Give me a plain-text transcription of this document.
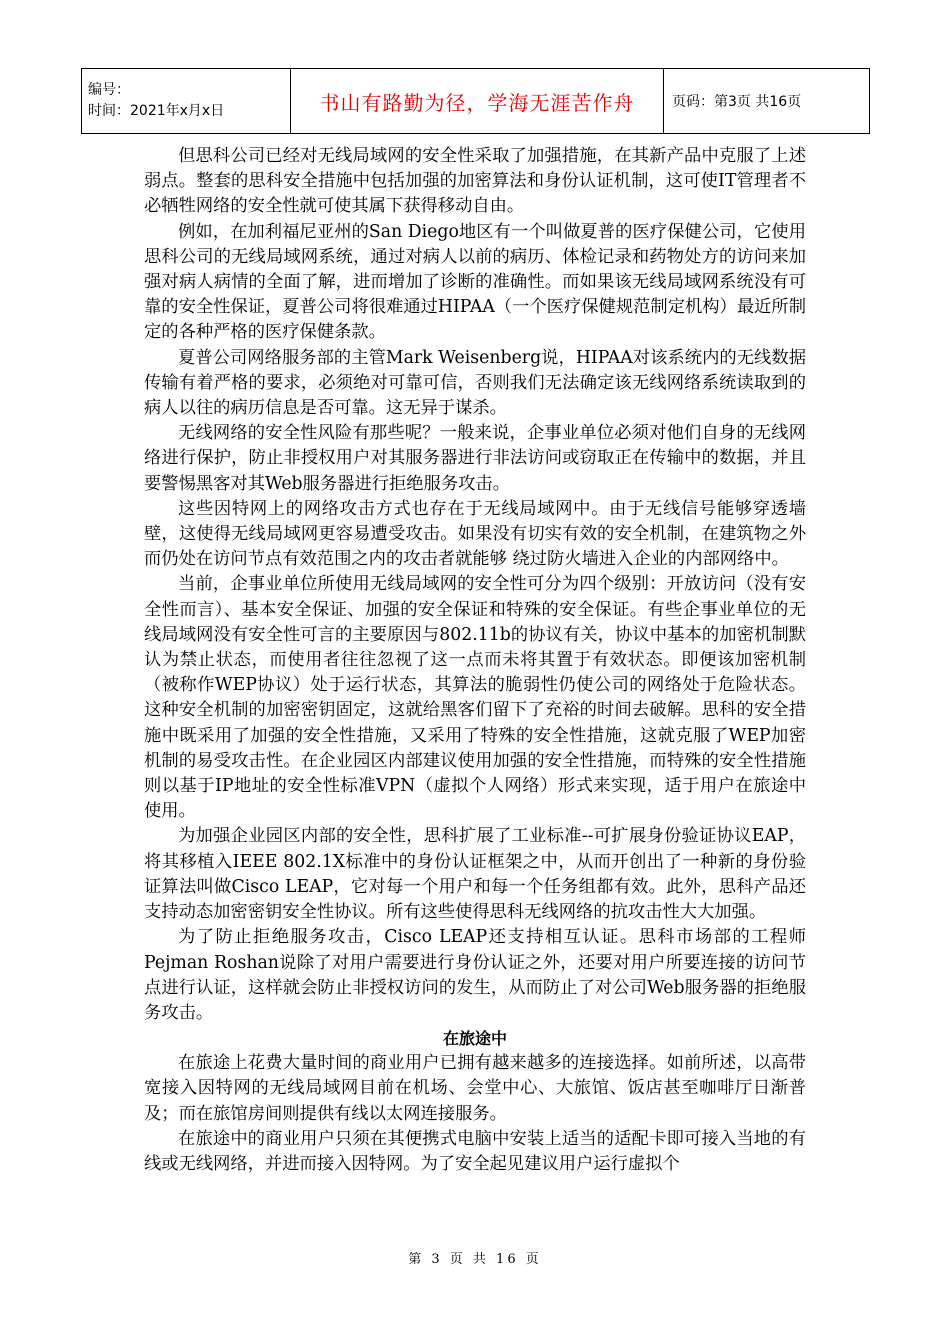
编号：
时间：2021年x月x日	书山有路勤为径，学海无涯苦作舟	页码：第3页 共16页

但思科公司已经对无线局域网的安全性采取了加强措施，在其新产品中克服了上述弱点。整套的思科安全措施中包括加强的加密算法和身份认证机制，这可使IT管理者不必牺牲网络的安全性就可使其属下获得移动自由。

例如，在加利福尼亚州的San Diego地区有一个叫做夏普的医疗保健公司，它使用思科公司的无线局域网系统，通过对病人以前的病历、体检记录和药物处方的访问来加强对病人病情的全面了解，进而增加了诊断的准确性。而如果该无线局域网系统没有可靠的安全性保证，夏普公司将很难通过HIPAA（一个医疗保健规范制定机构）最近所制定的各种严格的医疗保健条款。

夏普公司网络服务部的主管Mark Weisenberg说，HIPAA对该系统内的无线数据传输有着严格的要求，必须绝对可靠可信，否则我们无法确定该无线网络系统读取到的病人以往的病历信息是否可靠。这无异于谋杀。

无线网络的安全性风险有那些呢？一般来说，企事业单位必须对他们自身的无线网络进行保护，防止非授权用户对其服务器进行非法访问或窃取正在传输中的数据，并且要警惕黑客对其Web服务器进行拒绝服务攻击。

这些因特网上的网络攻击方式也存在于无线局域网中。由于无线信号能够穿透墙壁，这使得无线局域网更容易遭受攻击。如果没有切实有效的安全机制，在建筑物之外而仍处在访问节点有效范围之内的攻击者就能够 绕过防火墙进入企业的内部网络中。

当前，企事业单位所使用无线局域网的安全性可分为四个级别：开放访问（没有安全性而言）、基本安全保证、加强的安全保证和特殊的安全保证。有些企事业单位的无线局域网没有安全性可言的主要原因与802.11b的协议有关，协议中基本的加密机制默认为禁止状态，而使用者往往忽视了这一点而未将其置于有效状态。即便该加密机制（被称作WEP协议）处于运行状态，其算法的脆弱性仍使公司的网络处于危险状态。这种安全机制的加密密钥固定，这就给黑客们留下了充裕的时间去破解。思科的安全措施中既采用了加强的安全性措施，又采用了特殊的安全性措施，这就克服了WEP加密机制的易受攻击性。在企业园区内部建议使用加强的安全性措施，而特殊的安全性措施则以基于IP地址的安全性标准VPN（虚拟个人网络）形式来实现，适于用户在旅途中使用。

为加强企业园区内部的安全性，思科扩展了工业标准--可扩展身份验证协议EAP，将其移植入IEEE 802.1X标准中的身份认证框架之中，从而开创出了一种新的身份验证算法叫做Cisco LEAP，它对每一个用户和每一个任务组都有效。此外，思科产品还支持动态加密密钥安全性协议。所有这些使得思科无线网络的抗攻击性大大加强。

为了防止拒绝服务攻击，Cisco LEAP还支持相互认证。思科市场部的工程师Pejman Roshan说除了对用户需要进行身份认证之外，还要对用户所要连接的访问节点进行认证，这样就会防止非授权访问的发生，从而防止了对公司Web服务器的拒绝服务攻击。

在旅途中

在旅途上花费大量时间的商业用户已拥有越来越多的连接选择。如前所述，以高带宽接入因特网的无线局域网目前在机场、会堂中心、大旅馆、饭店甚至咖啡厅日渐普及；而在旅馆房间则提供有线以太网连接服务。

在旅途中的商业用户只须在其便携式电脑中安装上适当的适配卡即可接入当地的有线或无线网络，并进而接入因特网。为了安全起见建议用户运行虚拟个

第 3 页 共 16 页
